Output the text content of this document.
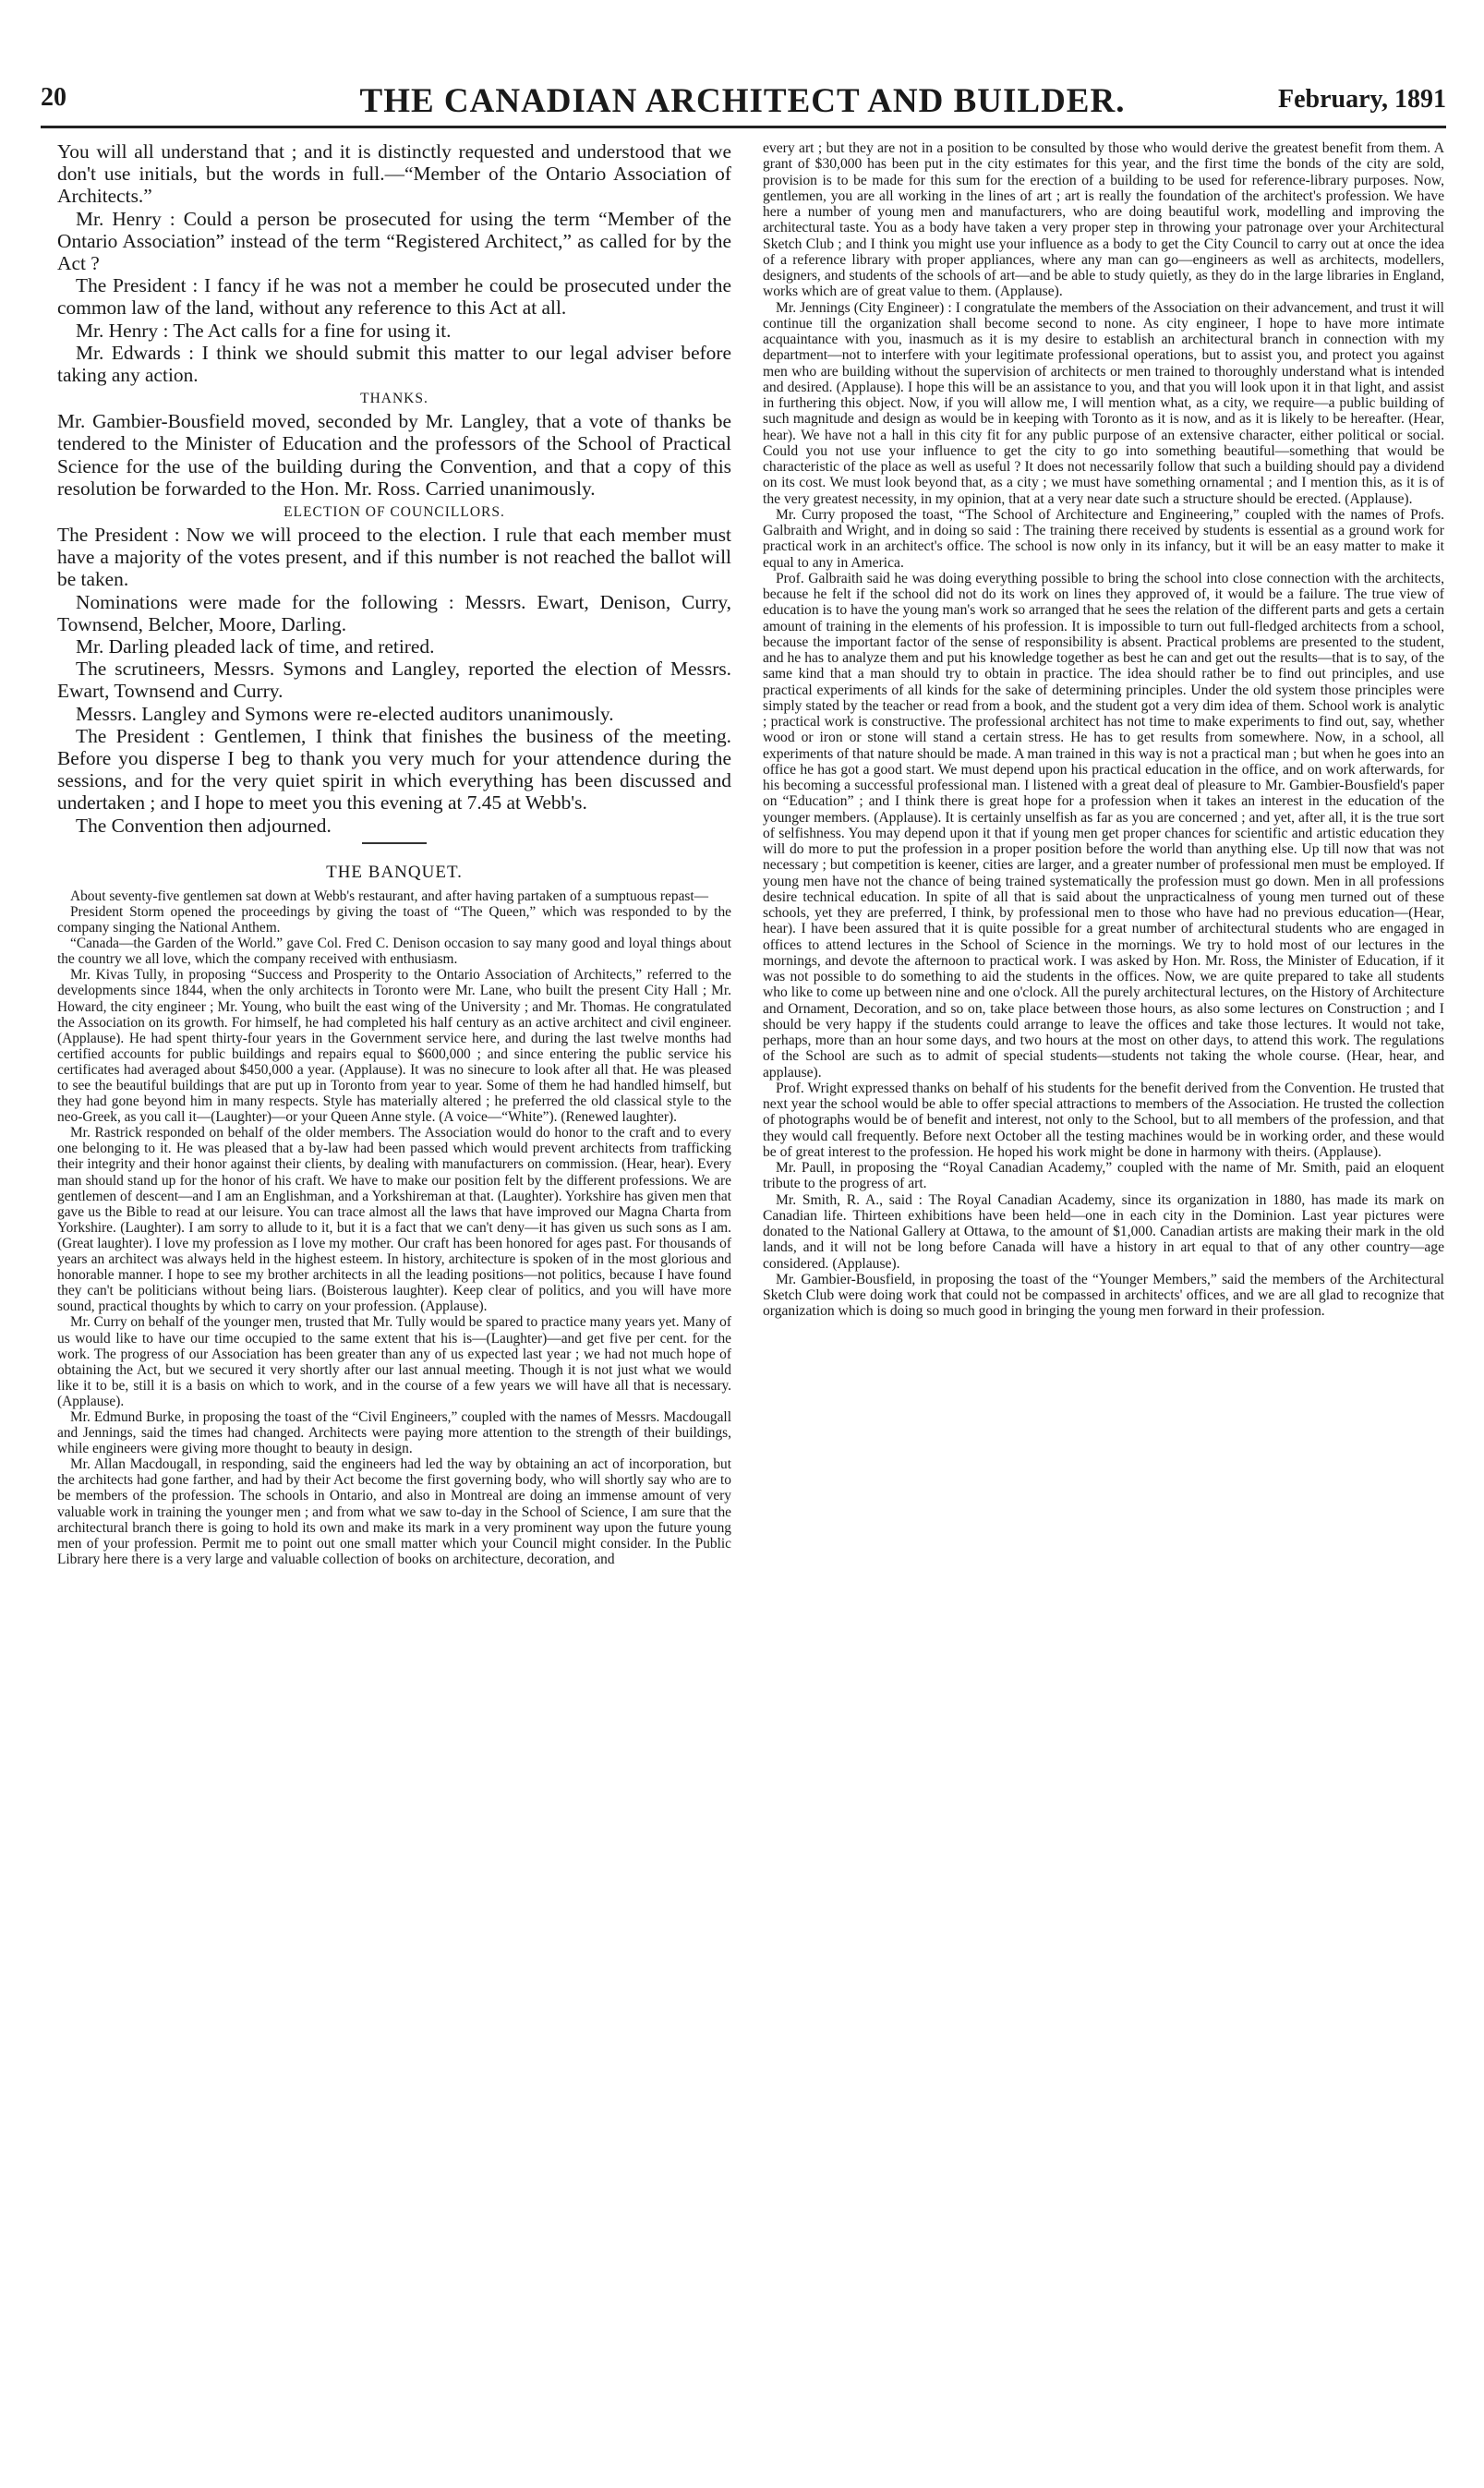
20	THE CANADIAN ARCHITECT AND BUILDER.	February, 1891

You will all understand that ; and it is distinctly requested and understood that we don't use initials, but the words in full.—“Member of the Ontario Association of Architects.”

Mr. Henry : Could a person be prosecuted for using the term “Member of the Ontario Association” instead of the term “Registered Architect,” as called for by the Act ?

The President : I fancy if he was not a member he could be prosecuted under the common law of the land, without any reference to this Act at all.

Mr. Henry : The Act calls for a fine for using it.

Mr. Edwards : I think we should submit this matter to our legal adviser before taking any action.

THANKS.

Mr. Gambier-Bousfield moved, seconded by Mr. Langley, that a vote of thanks be tendered to the Minister of Education and the professors of the School of Practical Science for the use of the building during the Convention, and that a copy of this resolution be forwarded to the Hon. Mr. Ross. Carried unanimously.

ELECTION OF COUNCILLORS.

The President : Now we will proceed to the election. I rule that each member must have a majority of the votes present, and if this number is not reached the ballot will be taken.

Nominations were made for the following : Messrs. Ewart, Denison, Curry, Townsend, Belcher, Moore, Darling.

Mr. Darling pleaded lack of time, and retired.

The scrutineers, Messrs. Symons and Langley, reported the election of Messrs. Ewart, Townsend and Curry.

Messrs. Langley and Symons were re-elected auditors unanimously.

The President : Gentlemen, I think that finishes the business of the meeting. Before you disperse I beg to thank you very much for your attendence during the sessions, and for the very quiet spirit in which everything has been discussed and undertaken ; and I hope to meet you this evening at 7.45 at Webb's.

The Convention then adjourned.

THE BANQUET.

About seventy-five gentlemen sat down at Webb's restaurant, and after having partaken of a sumptuous repast—

President Storm opened the proceedings by giving the toast of “The Queen,” which was responded to by the company singing the National Anthem.

“Canada—the Garden of the World.” gave Col. Fred C. Denison occasion to say many good and loyal things about the country we all love, which the company received with enthusiasm.

Mr. Kivas Tully, in proposing “Success and Prosperity to the Ontario Association of Architects,” referred to the developments since 1844, when the only architects in Toronto were Mr. Lane, who built the present City Hall ; Mr. Howard, the city engineer ; Mr. Young, who built the east wing of the University ; and Mr. Thomas. He congratulated the Association on its growth. For himself, he had completed his half century as an active architect and civil engineer. (Applause). He had spent thirty-four years in the Government service here, and during the last twelve months had certified accounts for public buildings and repairs equal to $600,000 ; and since entering the public service his certificates had averaged about $450,000 a year. (Applause). It was no sinecure to look after all that. He was pleased to see the beautiful buildings that are put up in Toronto from year to year. Some of them he had handled himself, but they had gone beyond him in many respects. Style has materially altered ; he preferred the old classical style to the neo-Greek, as you call it—(Laughter)—or your Queen Anne style. (A voice—“White”). (Renewed laughter).

Mr. Rastrick responded on behalf of the older members. The Association would do honor to the craft and to every one belonging to it. He was pleased that a by-law had been passed which would prevent architects from trafficking their integrity and their honor against their clients, by dealing with manufacturers on commission. (Hear, hear). Every man should stand up for the honor of his craft. We have to make our position felt by the different professions. We are gentlemen of descent—and I am an Englishman, and a Yorkshireman at that. (Laughter). Yorkshire has given men that gave us the Bible to read at our leisure. You can trace almost all the laws that have improved our Magna Charta from Yorkshire. (Laughter). I am sorry to allude to it, but it is a fact that we can't deny—it has given us such sons as I am. (Great laughter). I love my profession as I love my mother. Our craft has been honored for ages past. For thousands of years an architect was always held in the highest esteem. In history, architecture is spoken of in the most glorious and honorable manner. I hope to see my brother architects in all the leading positions—not politics, because I have found they can't be politicians without being liars. (Boisterous laughter). Keep clear of politics, and you will have more sound, practical thoughts by which to carry on your profession. (Applause).

Mr. Curry on behalf of the younger men, trusted that Mr. Tully would be spared to practice many years yet. Many of us would like to have our time occupied to the same extent that his is—(Laughter)—and get five per cent. for the work. The progress of our Association has been greater than any of us expected last year ; we had not much hope of obtaining the Act, but we secured it very shortly after our last annual meeting. Though it is not just what we would like it to be, still it is a basis on which to work, and in the course of a few years we will have all that is necessary. (Applause).

Mr. Edmund Burke, in proposing the toast of the “Civil Engineers,” coupled with the names of Messrs. Macdougall and Jennings, said the times had changed. Architects were paying more attention to the strength of their buildings, while engineers were giving more thought to beauty in design.

Mr. Allan Macdougall, in responding, said the engineers had led the way by obtaining an act of incorporation, but the architects had gone farther, and had by their Act become the first governing body, who will shortly say who are to be members of the profession. The schools in Ontario, and also in Montreal are doing an immense amount of very valuable work in training the younger men ; and from what we saw to-day in the School of Science, I am sure that the architectural branch there is going to hold its own and make its mark in a very prominent way upon the future young men of your profession. Permit me to point out one small matter which your Council might consider. In the Public Library here there is a very large and valuable collection of books on architecture, decoration, and

every art ; but they are not in a position to be consulted by those who would derive the greatest benefit from them. A grant of $30,000 has been put in the city estimates for this year, and the first time the bonds of the city are sold, provision is to be made for this sum for the erection of a building to be used for reference-library purposes. Now, gentlemen, you are all working in the lines of art ; art is really the foundation of the architect's profession. We have here a number of young men and manufacturers, who are doing beautiful work, modelling and improving the architectural taste. You as a body have taken a very proper step in throwing your patronage over your Architectural Sketch Club ; and I think you might use your influence as a body to get the City Council to carry out at once the idea of a reference library with proper appliances, where any man can go—engineers as well as architects, modellers, designers, and students of the schools of art—and be able to study quietly, as they do in the large libraries in England, works which are of great value to them. (Applause).

Mr. Jennings (City Engineer) : I congratulate the members of the Association on their advancement, and trust it will continue till the organization shall become second to none. As city engineer, I hope to have more intimate acquaintance with you, inasmuch as it is my desire to establish an architectural branch in connection with my department—not to interfere with your legitimate professional operations, but to assist you, and protect you against men who are building without the supervision of architects or men trained to thoroughly understand what is intended and desired. (Applause). I hope this will be an assistance to you, and that you will look upon it in that light, and assist in furthering this object. Now, if you will allow me, I will mention what, as a city, we require—a public building of such magnitude and design as would be in keeping with Toronto as it is now, and as it is likely to be hereafter. (Hear, hear). We have not a hall in this city fit for any public purpose of an extensive character, either political or social. Could you not use your influence to get the city to go into something beautiful—something that would be characteristic of the place as well as useful ? It does not necessarily follow that such a building should pay a dividend on its cost. We must look beyond that, as a city ; we must have something ornamental ; and I mention this, as it is of the very greatest necessity, in my opinion, that at a very near date such a structure should be erected. (Applause).

Mr. Curry proposed the toast, “The School of Architecture and Engineering,” coupled with the names of Profs. Galbraith and Wright, and in doing so said : The training there received by students is essential as a ground work for practical work in an architect's office. The school is now only in its infancy, but it will be an easy matter to make it equal to any in America.

Prof. Galbraith said he was doing everything possible to bring the school into close connection with the architects, because he felt if the school did not do its work on lines they approved of, it would be a failure. The true view of education is to have the young man's work so arranged that he sees the relation of the different parts and gets a certain amount of training in the elements of his profession. It is impossible to turn out full-fledged architects from a school, because the important factor of the sense of responsibility is absent. Practical problems are presented to the student, and he has to analyze them and put his knowledge together as best he can and get out the results—that is to say, of the same kind that a man should try to obtain in practice. The idea should rather be to find out principles, and use practical experiments of all kinds for the sake of determining principles. Under the old system those principles were simply stated by the teacher or read from a book, and the student got a very dim idea of them. School work is analytic ; practical work is constructive. The professional architect has not time to make experiments to find out, say, whether wood or iron or stone will stand a certain stress. He has to get results from somewhere. Now, in a school, all experiments of that nature should be made. A man trained in this way is not a practical man ; but when he goes into an office he has got a good start. We must depend upon his practical education in the office, and on work afterwards, for his becoming a successful professional man. I listened with a great deal of pleasure to Mr. Gambier-Bousfield's paper on “Education” ; and I think there is great hope for a profession when it takes an interest in the education of the younger members. (Applause). It is certainly unselfish as far as you are concerned ; and yet, after all, it is the true sort of selfishness. You may depend upon it that if young men get proper chances for scientific and artistic education they will do more to put the profession in a proper position before the world than anything else. Up till now that was not necessary ; but competition is keener, cities are larger, and a greater number of professional men must be employed. If young men have not the chance of being trained systematically the profession must go down. Men in all professions desire technical education. In spite of all that is said about the unpracticalness of young men turned out of these schools, yet they are preferred, I think, by professional men to those who have had no previous education—(Hear, hear). I have been assured that it is quite possible for a great number of architectural students who are engaged in offices to attend lectures in the School of Science in the mornings. We try to hold most of our lectures in the mornings, and devote the afternoon to practical work. I was asked by Hon. Mr. Ross, the Minister of Education, if it was not possible to do something to aid the students in the offices. Now, we are quite prepared to take all students who like to come up between nine and one o'clock. All the purely architectural lectures, on the History of Architecture and Ornament, Decoration, and so on, take place between those hours, as also some lectures on Construction ; and I should be very happy if the students could arrange to leave the offices and take those lectures. It would not take, perhaps, more than an hour some days, and two hours at the most on other days, to attend this work. The regulations of the School are such as to admit of special students—students not taking the whole course. (Hear, hear, and applause).

Prof. Wright expressed thanks on behalf of his students for the benefit derived from the Convention. He trusted that next year the school would be able to offer special attractions to members of the Association. He trusted the collection of photographs would be of benefit and interest, not only to the School, but to all members of the profession, and that they would call frequently. Before next October all the testing machines would be in working order, and these would be of great interest to the profession. He hoped his work might be done in harmony with theirs. (Applause).

Mr. Paull, in proposing the “Royal Canadian Academy,” coupled with the name of Mr. Smith, paid an eloquent tribute to the progress of art.

Mr. Smith, R. A., said : The Royal Canadian Academy, since its organization in 1880, has made its mark on Canadian life. Thirteen exhibitions have been held—one in each city in the Dominion. Last year pictures were donated to the National Gallery at Ottawa, to the amount of $1,000. Canadian artists are making their mark in the old lands, and it will not be long before Canada will have a history in art equal to that of any other country—age considered. (Applause).

Mr. Gambier-Bousfield, in proposing the toast of the “Younger Members,” said the members of the Architectural Sketch Club were doing work that could not be compassed in architects' offices, and we are all glad to recognize that organization which is doing so much good in bringing the young men forward in their profession.
